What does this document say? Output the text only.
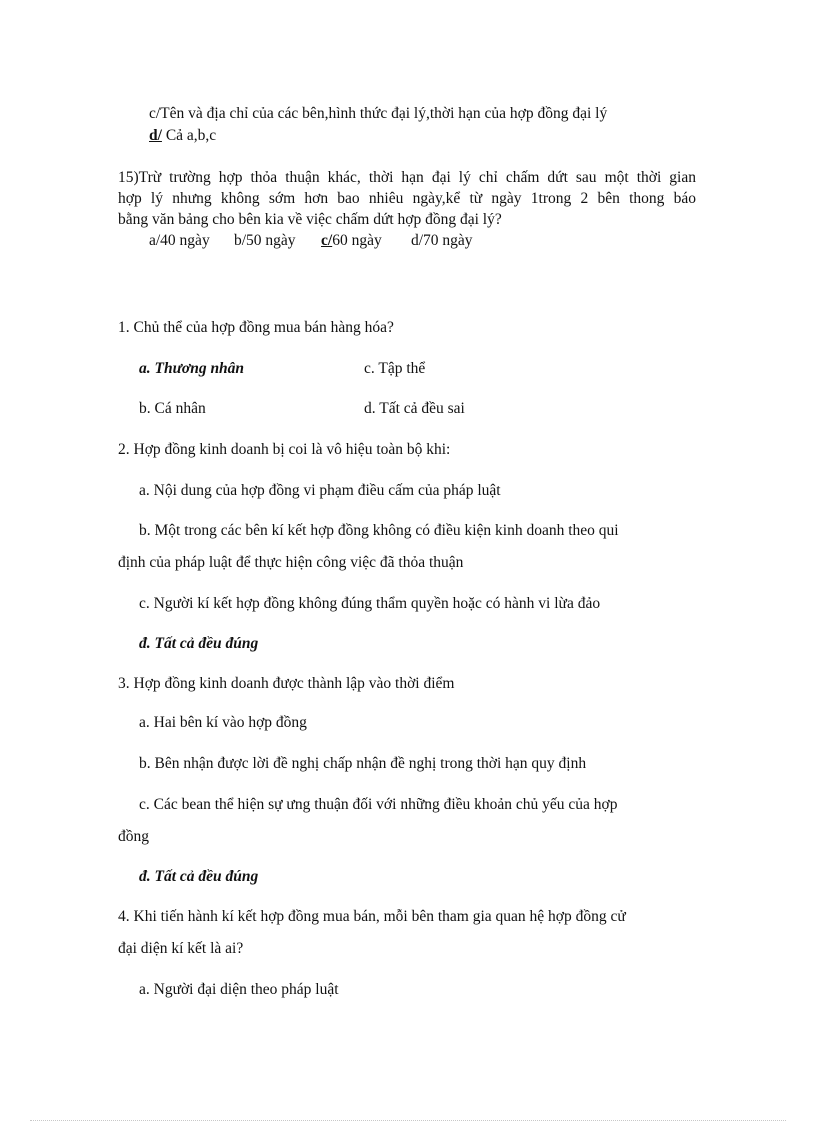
c/Tên và địa chỉ của các bên,hình thức đại lý,thời hạn của hợp đồng đại lý
d/ Cả a,b,c
15)Trừ trường hợp thỏa thuận khác, thời hạn đại lý chỉ chấm dứt sau một thời gian
hợp lý nhưng không sớm hơn bao nhiêu ngày,kể từ ngày 1trong 2 bên thong báo
bằng văn bảng cho bên kia về việc chấm dứt hợp đồng đại lý?
a/40 ngày b/50 ngày c/60 ngày d/70 ngày
1. Chủ thể của hợp đồng mua bán hàng hóa?
a. Thương nhân	c. Tập thể
b. Cá nhân	d. Tất cả đều sai
2. Hợp đồng kinh doanh bị coi là vô hiệu toàn bộ khi:
a. Nội dung của hợp đồng vi phạm điều cấm của pháp luật
b. Một trong các bên kí kết hợp đồng không có điều kiện kinh doanh theo qui
định của pháp luật để thực hiện công việc đã thỏa thuận
c. Người kí kết hợp đồng không đúng thẩm quyền hoặc có hành vi lừa đảo
đ. Tất cả đều đúng
3. Hợp đồng kinh doanh được thành lập vào thời điểm
a. Hai bên kí vào hợp đồng
b. Bên nhận được lời đề nghị chấp nhận đề nghị trong thời hạn quy định
c. Các bean thể hiện sự ưng thuận đối với những điều khoản chủ yếu của hợp
đồng
đ. Tất cả đều đúng
4. Khi tiến hành kí kết hợp đồng mua bán, mỗi bên tham gia quan hệ hợp đồng cử
đại diện kí kết là ai?
a. Người đại diện theo pháp luật
